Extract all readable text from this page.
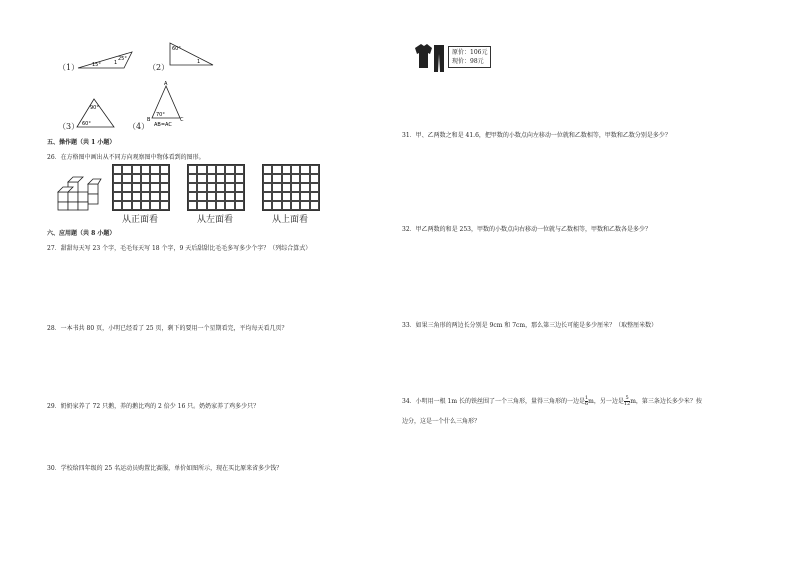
（1）	15°	1
25°
（2）
60°
1
（3）
90°
60°	（4）
A
B	C
70°
AB=AC
五、操作题（共 1 小题）
26．在方格图中画出从不同方向观察图中物体看到的图形。
从正面看	从左面看	从上面看
六、应用题（共 8 小题）
27．甜甜每天写 23 个字，毛毛每天写 18 个字，9 天后甜甜比毛毛多写多少个字？（列综合算式）
28．一本书共 80 页，小明已经看了 25 页，剩下的要用一个星期看完，平均每天看几页？
29．奶奶家养了 72 只鹅，养的鹅比鸡的 2 倍少 16 只。奶奶家养了鸡多少只？
30．学校给四年级的 25 名运动员购置比赛服，单价如图所示，现在买比原来省多少钱？
原价：106元
现价：98元
31．甲、乙两数之和是 41.6，把甲数的小数点向左移动一位就和乙数相等，甲数和乙数分别是多少？
32．甲乙两数的和是 253，甲数的小数点向右移动一位就与乙数相等，甲数和乙数各是多少？
33．如果三角形的两边长分别是 9cm 和 7cm，那么第三边长可能是多少厘米？（取整厘米数）
34．小明用一根 1m 长的铁丝围了一个三角形，量得三角形的一边是 $\frac{1}{6}$ m，另一边是 $\frac{5}{12}$ m，第三条边长多少米？按
边分，这是一个什么三角形？
